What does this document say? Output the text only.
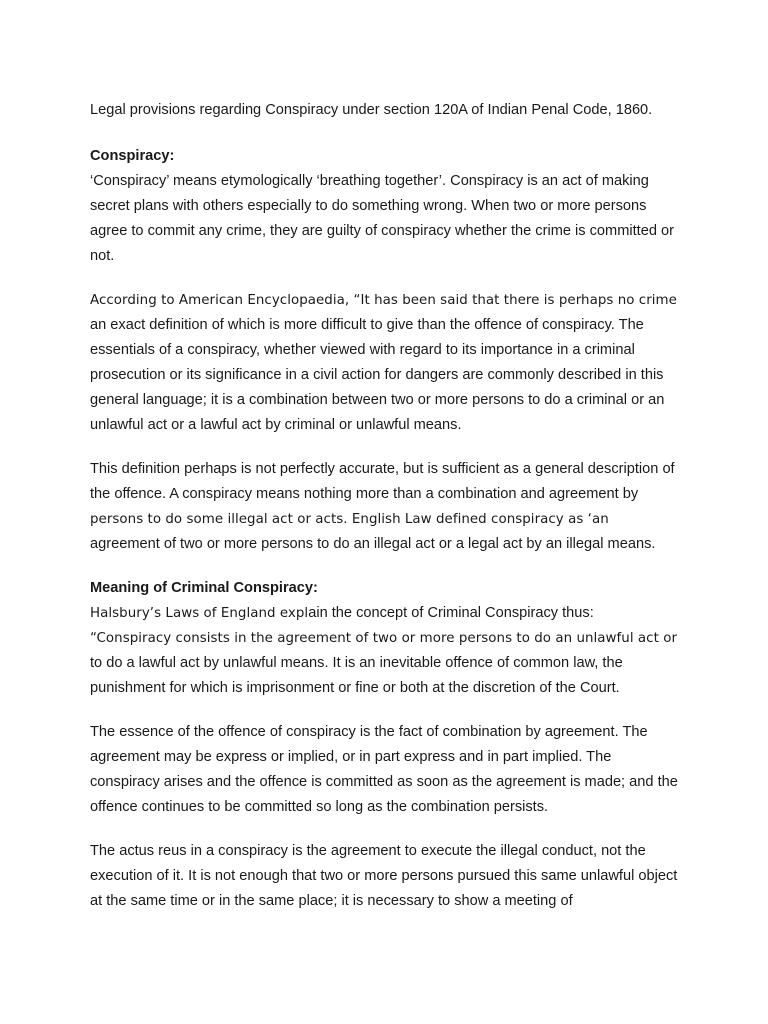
Legal provisions regarding Conspiracy under section 120A of Indian Penal Code, 1860.

Conspiracy:

‘Conspiracy’ means etymologically ‘breathing together’. Conspiracy is an act of making secret plans with others especially to do something wrong. When two or more persons agree to commit any crime, they are guilty of conspiracy whether the crime is committed or not.

According to American Encyclopaedia, “It has been said that there is perhaps no crime an exact definition of which is more difficult to give than the offence of conspiracy. The essentials of a conspiracy, whether viewed with regard to its importance in a criminal prosecution or its significance in a civil action for dangers are commonly described in this general language; it is a combination between two or more persons to do a criminal or an unlawful act or a lawful act by criminal or unlawful means.

This definition perhaps is not perfectly accurate, but is sufficient as a general description of the offence. A conspiracy means nothing more than a combination and agreement by persons to do some illegal act or acts. English Law defined conspiracy as ‘an agreement of two or more persons to do an illegal act or a legal act by an illegal means.

Meaning of Criminal Conspiracy:

Halsbury’s Laws of England explain the concept of Criminal Conspiracy thus:
“Conspiracy consists in the agreement of two or more persons to do an unlawful act or to do a lawful act by unlawful means. It is an inevitable offence of common law, the punishment for which is imprisonment or fine or both at the discretion of the Court.

The essence of the offence of conspiracy is the fact of combination by agreement. The agreement may be express or implied, or in part express and in part implied. The conspiracy arises and the offence is committed as soon as the agreement is made; and the offence continues to be committed so long as the combination persists.

The actus reus in a conspiracy is the agreement to execute the illegal conduct, not the execution of it. It is not enough that two or more persons pursued this same unlawful object at the same time or in the same place; it is necessary to show a meeting of
